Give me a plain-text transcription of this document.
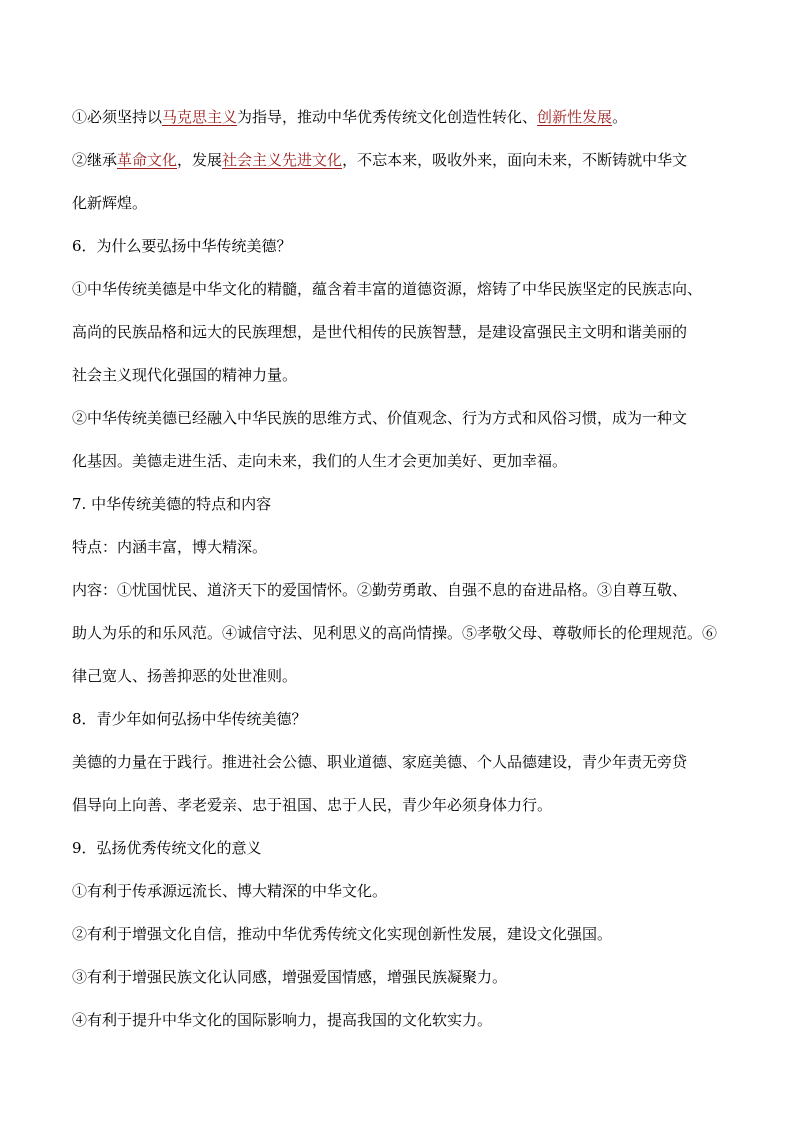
①必须坚持以马克思主义为指导，推动中华优秀传统文化创造性转化、创新性发展。

②继承革命文化，发展社会主义先进文化，不忘本来，吸收外来，面向未来，不断铸就中华文
化新辉煌。

6．为什么要弘扬中华传统美德？

①中华传统美德是中华文化的精髓，蕴含着丰富的道德资源，熔铸了中华民族坚定的民族志向、
高尚的民族品格和远大的民族理想，是世代相传的民族智慧，是建设富强民主文明和谐美丽的
社会主义现代化强国的精神力量。

②中华传统美德已经融入中华民族的思维方式、价值观念、行为方式和风俗习惯，成为一种文
化基因。美德走进生活、走向未来，我们的人生才会更加美好、更加幸福。

7. 中华传统美德的特点和内容

特点：内涵丰富，博大精深。

内容：①忧国忧民、道济天下的爱国情怀。②勤劳勇敢、自强不息的奋进品格。③自尊互敬、
助人为乐的和乐风范。④诚信守法、见利思义的高尚情操。⑤孝敬父母、尊敬师长的伦理规范。⑥
律己宽人、扬善抑恶的处世准则。

8．青少年如何弘扬中华传统美德？

美德的力量在于践行。推进社会公德、职业道德、家庭美德、个人品德建设，青少年责无旁贷
倡导向上向善、孝老爱亲、忠于祖国、忠于人民，青少年必须身体力行。

9．弘扬优秀传统文化的意义

①有利于传承源远流长、博大精深的中华文化。

②有利于增强文化自信，推动中华优秀传统文化实现创新性发展，建设文化强国。

③有利于增强民族文化认同感，增强爱国情感，增强民族凝聚力。

④有利于提升中华文化的国际影响力，提高我国的文化软实力。
